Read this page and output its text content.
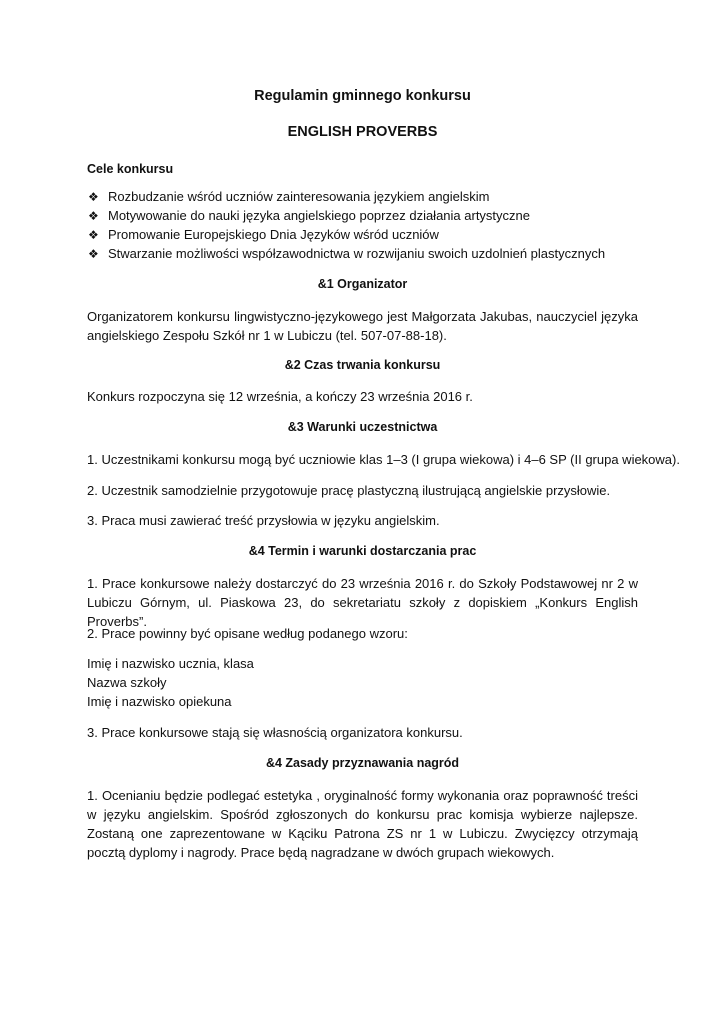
Regulamin gminnego konkursu
ENGLISH PROVERBS
Cele konkursu
❖ Rozbudzanie wśród uczniów zainteresowania językiem angielskim
❖ Motywowanie do nauki języka angielskiego poprzez działania artystyczne
❖ Promowanie Europejskiego Dnia Języków wśród uczniów
❖ Stwarzanie możliwości współzawodnictwa w rozwijaniu swoich uzdolnień plastycznych
&1 Organizator
Organizatorem konkursu lingwistyczno-językowego jest Małgorzata Jakubas, nauczyciel języka angielskiego Zespołu Szkół nr 1 w Lubiczu (tel. 507-07-88-18).
&2 Czas trwania konkursu
Konkurs rozpoczyna się 12 września, a kończy 23 września 2016 r.
&3 Warunki uczestnictwa
1. Uczestnikami konkursu mogą być uczniowie klas 1–3 (I grupa wiekowa) i 4–6 SP (II grupa wiekowa).
2. Uczestnik samodzielnie przygotowuje pracę plastyczną ilustrującą angielskie przysłowie.
3. Praca musi zawierać treść przysłowia w języku angielskim.
&4 Termin i warunki dostarczania prac
1. Prace konkursowe należy dostarczyć do 23 września 2016 r. do Szkoły Podstawowej nr 2 w Lubiczu Górnym, ul. Piaskowa 23, do sekretariatu szkoły z dopiskiem „Konkurs English Proverbs”.
2. Prace powinny być opisane według podanego wzoru:
Imię i nazwisko ucznia, klasa
Nazwa szkoły
Imię i nazwisko opiekuna
3. Prace konkursowe stają się własnością organizatora konkursu.
&4 Zasady przyznawania nagród
1. Ocenianiu będzie podlegać estetyka , oryginalność formy wykonania oraz poprawność treści w języku angielskim. Spośród zgłoszonych do konkursu prac komisja wybierze najlepsze. Zostaną one zaprezentowane w Kąciku Patrona ZS nr 1 w Lubiczu. Zwycięzcy otrzymają pocztą dyplomy i nagrody. Prace będą nagradzane w dwóch grupach wiekowych.
